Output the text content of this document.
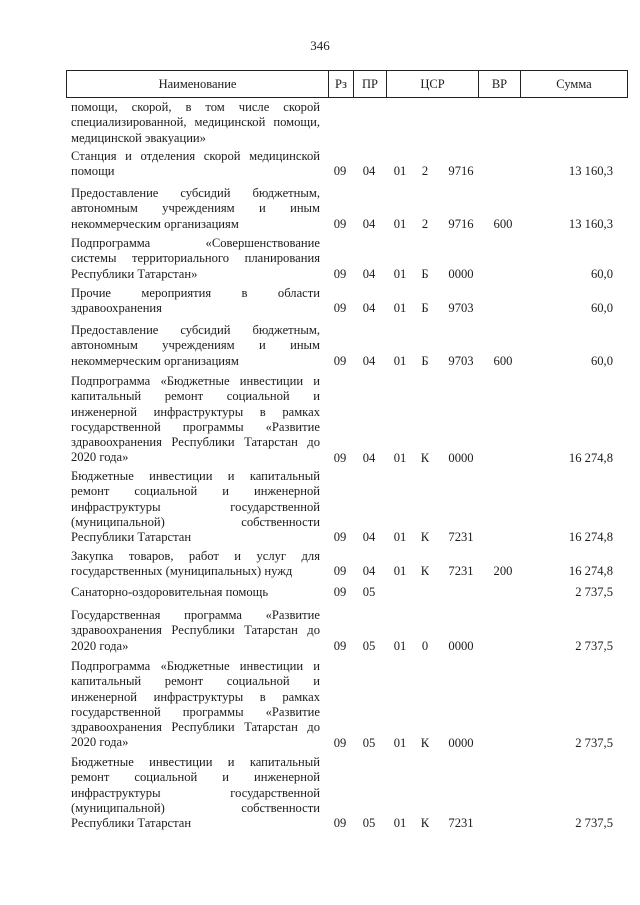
346
Наименование	Рз	ПР	ЦСР	ВР	Сумма
помощи, скорой, в том числе скорой
специализированной, медицинской помощи,
медицинской эвакуации»
Станция и отделения скорой медицинской
помощи	09	04	01	2	9716	13 160,3
Предоставление субсидий бюджетным,
автономным учреждениям и иным
некоммерческим организациям	09	04	01	2	9716	600	13 160,3
Подпрограмма «Совершенствование
системы территориального планирования
Республики Татарстан»	09	04	01	Б	0000	60,0
Прочие мероприятия в области
здравоохранения	09	04	01	Б	9703	60,0
Предоставление субсидий бюджетным,
автономным учреждениям и иным
некоммерческим организациям	09	04	01	Б	9703	600	60,0
Подпрограмма «Бюджетные инвестиции и
капитальный ремонт социальной и
инженерной инфраструктуры в рамках
государственной программы «Развитие
здравоохранения Республики Татарстан до
2020 года»	09	04	01	К	0000	16 274,8
Бюджетные инвестиции и капитальный
ремонт социальной и инженерной
инфраструктуры государственной
(муниципальной) собственности
Республики Татарстан	09	04	01	К	7231	16 274,8
Закупка товаров, работ и услуг для
государственных (муниципальных) нужд	09	04	01	К	7231	200	16 274,8
Санаторно-оздоровительная помощь	09	05	2 737,5
Государственная программа «Развитие
здравоохранения Республики Татарстан до
2020 года»	09	05	01	0	0000	2 737,5
Подпрограмма «Бюджетные инвестиции и
капитальный ремонт социальной и
инженерной инфраструктуры в рамках
государственной программы «Развитие
здравоохранения Республики Татарстан до
2020 года»	09	05	01	К	0000	2 737,5
Бюджетные инвестиции и капитальный
ремонт социальной и инженерной
инфраструктуры государственной
(муниципальной) собственности
Республики Татарстан	09	05	01	К	7231	2 737,5
